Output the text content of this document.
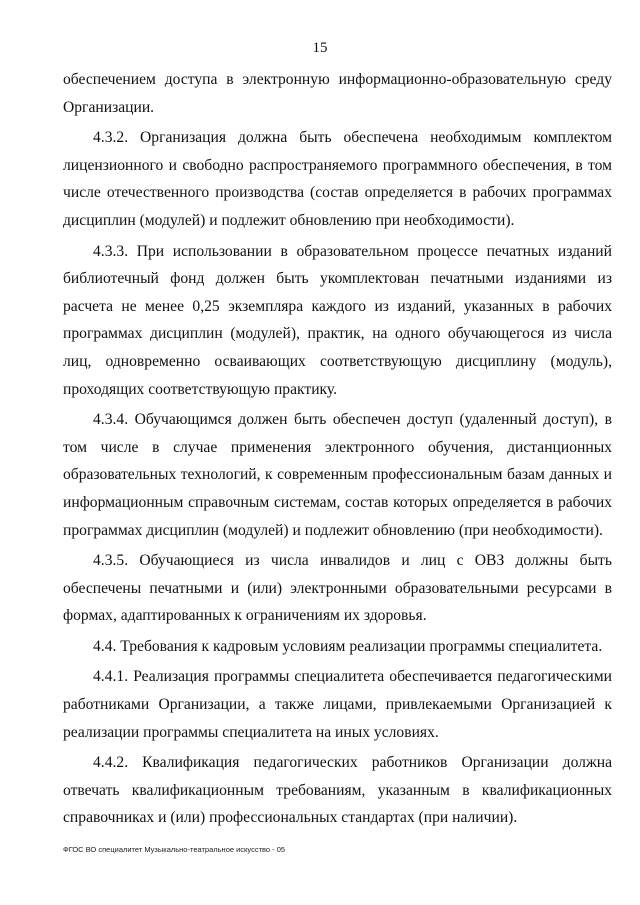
15

обеспечением доступа в электронную информационно-образовательную среду Организации.

4.3.2. Организация должна быть обеспечена необходимым комплектом лицензионного и свободно распространяемого программного обеспечения, в том числе отечественного производства (состав определяется в рабочих программах дисциплин (модулей) и подлежит обновлению при необходимости).

4.3.3. При использовании в образовательном процессе печатных изданий библиотечный фонд должен быть укомплектован печатными изданиями из расчета не менее 0,25 экземпляра каждого из изданий, указанных в рабочих программах дисциплин (модулей), практик, на одного обучающегося из числа лиц, одновременно осваивающих соответствующую дисциплину (модуль), проходящих соответствующую практику.

4.3.4. Обучающимся должен быть обеспечен доступ (удаленный доступ), в том числе в случае применения электронного обучения, дистанционных образовательных технологий, к современным профессиональным базам данных и информационным справочным системам, состав которых определяется в рабочих программах дисциплин (модулей) и подлежит обновлению (при необходимости).

4.3.5. Обучающиеся из числа инвалидов и лиц с ОВЗ должны быть обеспечены печатными и (или) электронными образовательными ресурсами в формах, адаптированных к ограничениям их здоровья.

4.4. Требования к кадровым условиям реализации программы специалитета.

4.4.1. Реализация программы специалитета обеспечивается педагогическими работниками Организации, а также лицами, привлекаемыми Организацией к реализации программы специалитета на иных условиях.

4.4.2. Квалификация педагогических работников Организации должна отвечать квалификационным требованиям, указанным в квалификационных справочниках и (или) профессиональных стандартах (при наличии).

ФГОС ВО специалитет Музыкально-театральное искусство - 05
